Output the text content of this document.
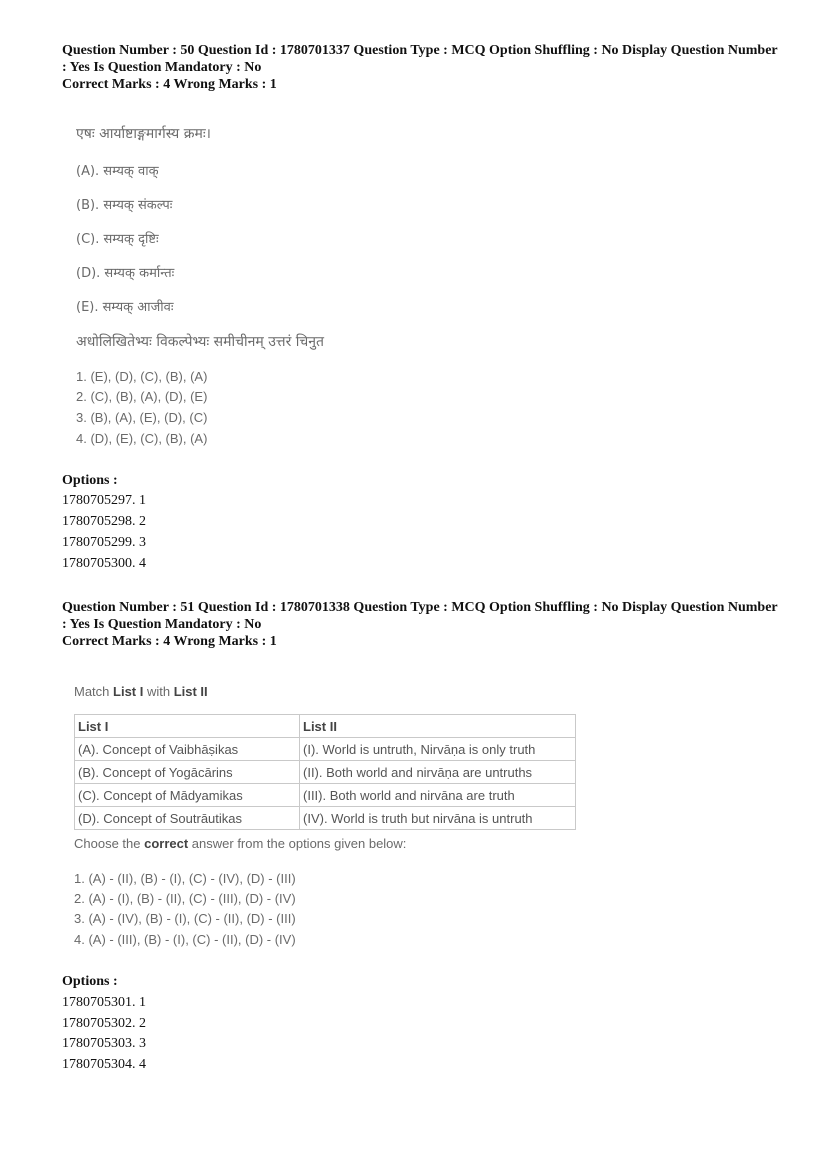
Question Number : 50 Question Id : 1780701337 Question Type : MCQ Option Shuffling : No Display Question Number
: Yes Is Question Mandatory : No
Correct Marks : 4 Wrong Marks : 1
एषः आर्याष्टाङ्गमार्गस्य क्रमः।
(A). सम्यक् वाक्
(B). सम्यक् संकल्पः
(C). सम्यक् दृष्टिः
(D). सम्यक् कर्मान्तः
(E). सम्यक् आजीवः
अधोलिखितेभ्यः विकल्पेभ्यः समीचीनम् उत्तरं चिनुत
1. (E), (D), (C), (B), (A)
2. (C), (B), (A), (D), (E)
3. (B), (A), (E), (D), (C)
4. (D), (E), (C), (B), (A)
Options :
1780705297. 1
1780705298. 2
1780705299. 3
1780705300. 4
Question Number : 51 Question Id : 1780701338 Question Type : MCQ Option Shuffling : No Display Question Number
: Yes Is Question Mandatory : No
Correct Marks : 4 Wrong Marks : 1
Match List I with List II
List I	List II
(A). Concept of Vaibhāṣikas	(I). World is untruth, Nirvāṇa is only truth
(B). Concept of Yogācārins	(II). Both world and nirvāṇa are untruths
(C). Concept of Mādyamikas	(III). Both world and nirvāna are truth
(D). Concept of Soutrāutikas	(IV). World is truth but nirvāna is untruth
Choose the correct answer from the options given below:
1. (A) - (II), (B) - (I), (C) - (IV), (D) - (III)
2. (A) - (I), (B) - (II), (C) - (III), (D) - (IV)
3. (A) - (IV), (B) - (I), (C) - (II), (D) - (III)
4. (A) - (III), (B) - (I), (C) - (II), (D) - (IV)
Options :
1780705301. 1
1780705302. 2
1780705303. 3
1780705304. 4
